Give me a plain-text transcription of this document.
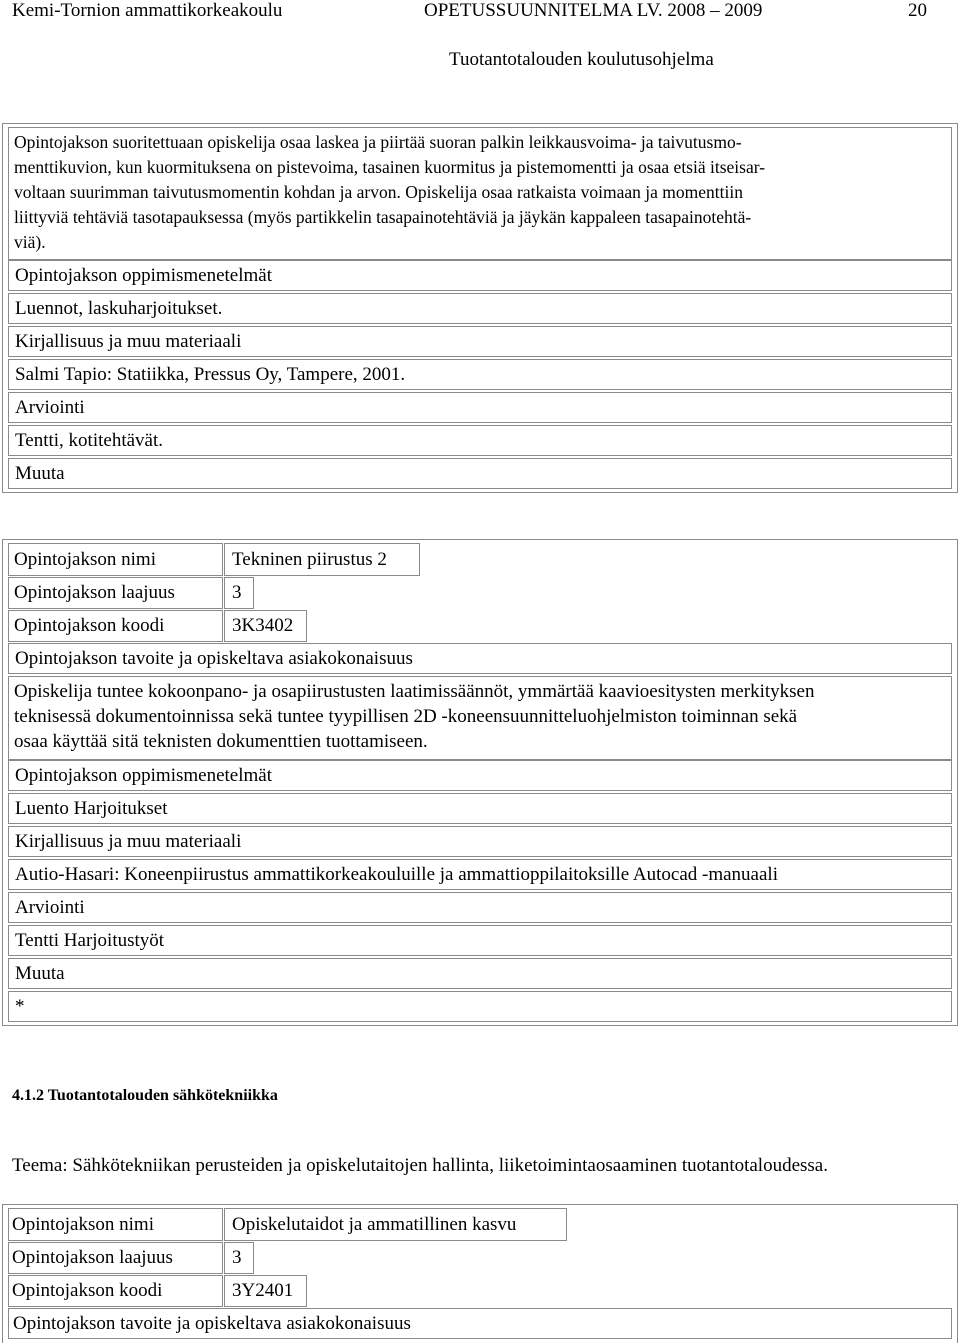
Kemi-Tornion ammattikorkeakoulu	OPETUSSUUNNITELMA LV. 2008 – 2009	20
Tuotantotalouden koulutusohjelma
Opintojakson suoritettuaan opiskelija osaa laskea ja piirtää suoran palkin leikkausvoima- ja taivutusmo-
menttikuvion, kun kuormituksena on pistevoima, tasainen kuormitus ja pistemomentti ja osaa etsiä itseisar-
voltaan suurimman taivutusmomentin kohdan ja arvon. Opiskelija osaa ratkaista voimaan ja momenttiin
liittyviä tehtäviä tasotapauksessa (myös partikkelin tasapainotehtäviä ja jäykän kappaleen tasapainotehtä-
viä).
Opintojakson oppimismenetelmät
Luennot, laskuharjoitukset.
Kirjallisuus ja muu materiaali
Salmi Tapio: Statiikka, Pressus Oy, Tampere, 2001.
Arviointi
Tentti, kotitehtävät.
Muuta
Opintojakson nimi	Tekninen piirustus 2
Opintojakson laajuus	3
Opintojakson koodi	3K3402
Opintojakson tavoite ja opiskeltava asiakokonaisuus
Opiskelija tuntee kokoonpano- ja osapiirustusten laatimissäännöt, ymmärtää kaavioesitysten merkityksen
teknisessä dokumentoinnissa sekä tuntee tyypillisen 2D -koneensuunnitteluohjelmiston toiminnan sekä
osaa käyttää sitä teknisten dokumenttien tuottamiseen.
Opintojakson oppimismenetelmät
Luento Harjoitukset
Kirjallisuus ja muu materiaali
Autio-Hasari: Koneenpiirustus ammattikorkeakouluille ja ammattioppilaitoksille Autocad -manuaali
Arviointi
Tentti Harjoitustyöt
Muuta
*
4.1.2 Tuotantotalouden sähkötekniikka
Teema: Sähkötekniikan perusteiden ja opiskelutaitojen hallinta, liiketoimintaosaaminen tuotantotaloudessa.
Opintojakson nimi	Opiskelutaidot ja ammatillinen kasvu
Opintojakson laajuus	3
Opintojakson koodi	3Y2401
Opintojakson tavoite ja opiskeltava asiakokonaisuus
